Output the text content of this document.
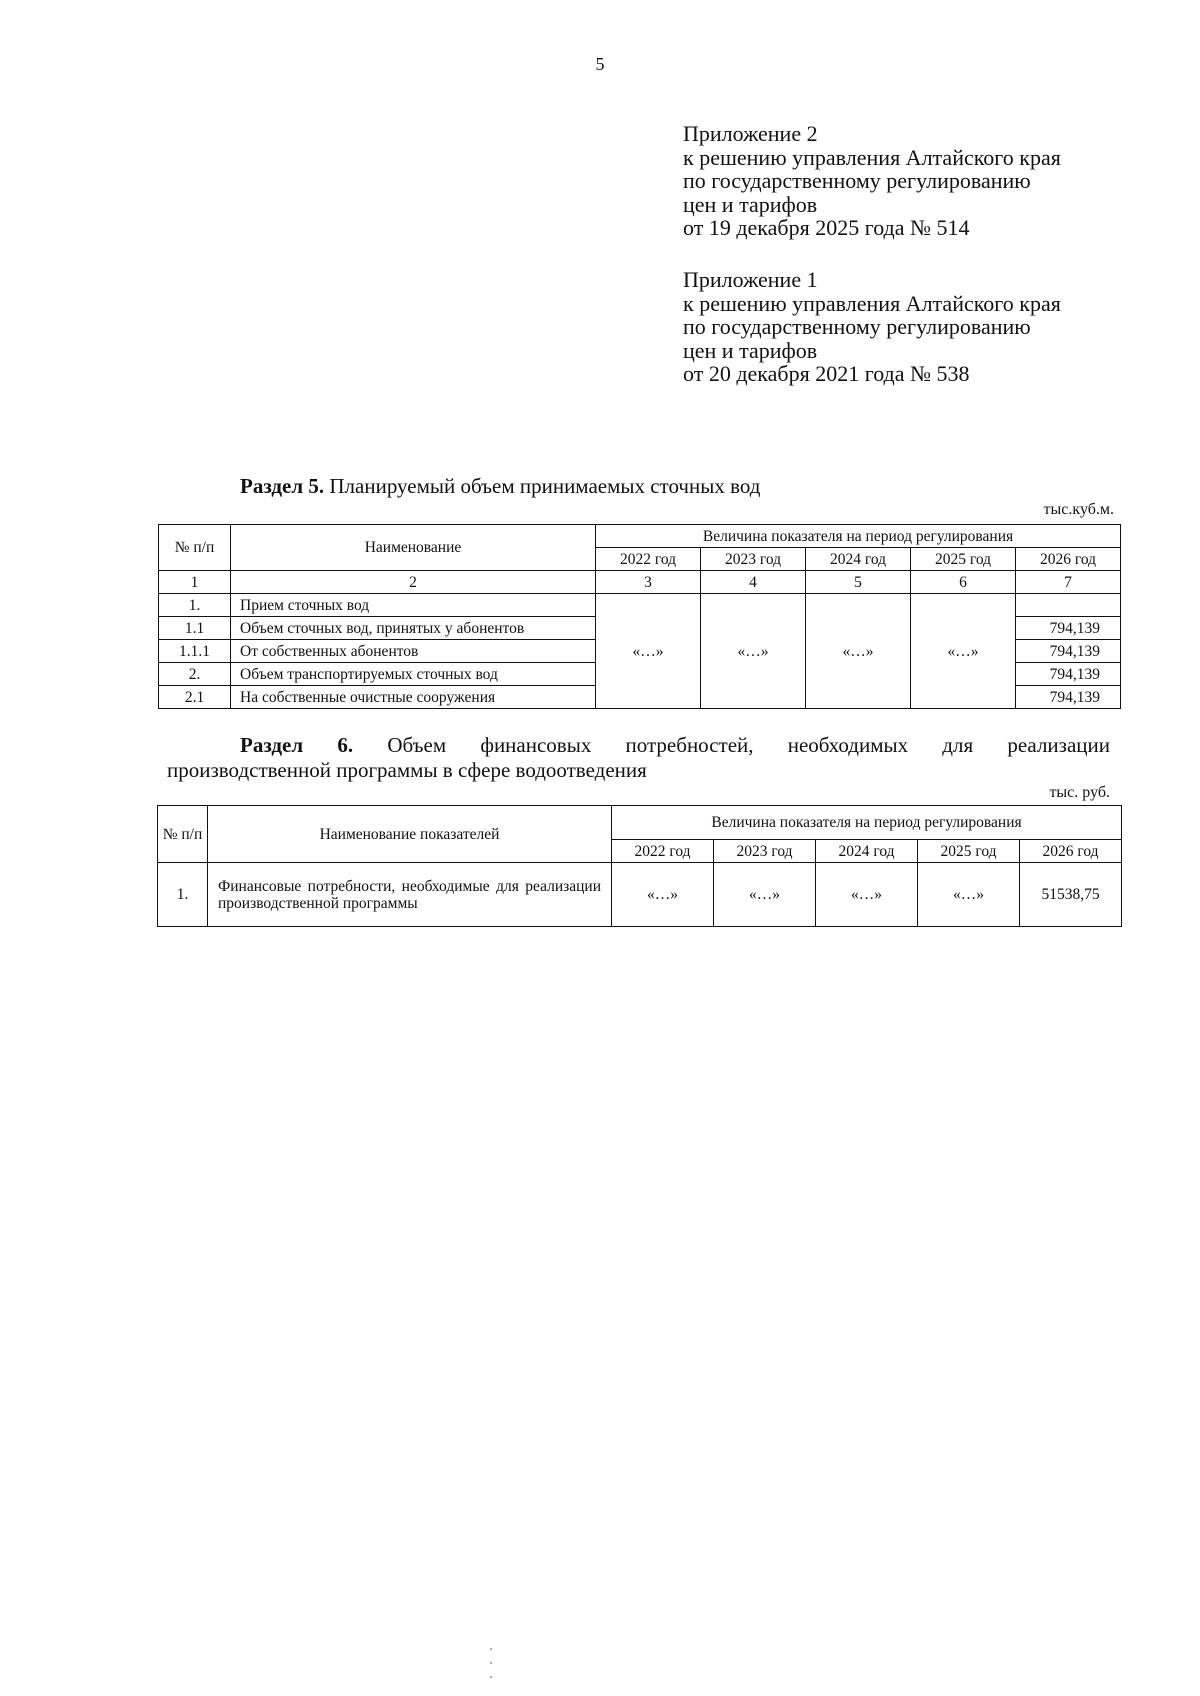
5
Приложение 2
к решению управления Алтайского края
по государственному регулированию
цен и тарифов
от 19 декабря 2025 года № 514
Приложение 1
к решению управления Алтайского края
по государственному регулированию
цен и тарифов
от 20 декабря 2021 года № 538
Раздел 5. Планируемый объем принимаемых сточных вод
тыс.куб.м.
№ п/п	Наименование	Величина показателя на период регулирования				
		2022 год	2023 год	2024 год	2025 год	2026 год
1	2	3	4	5	6	7
1.	Прием сточных вод	«…»	«…»	«…»	«…»	
1.1	Объем сточных вод, принятых у абонентов					794,139
1.1.1	От собственных абонентов					794,139
2.	Объем транспортируемых сточных вод					794,139
2.1	На собственные очистные сооружения					794,139
Раздел 6. Объем финансовых потребностей, необходимых для реализации
производственной программы в сфере водоотведения
тыс. руб.
№ п/п	Наименование показателей	Величина показателя на период регулирования				
		2022 год	2023 год	2024 год	2025 год	2026 год
1.	Финансовые потребности, необходимые для реализации производственной программы	«…»	«…»	«…»	«…»	51538,75
